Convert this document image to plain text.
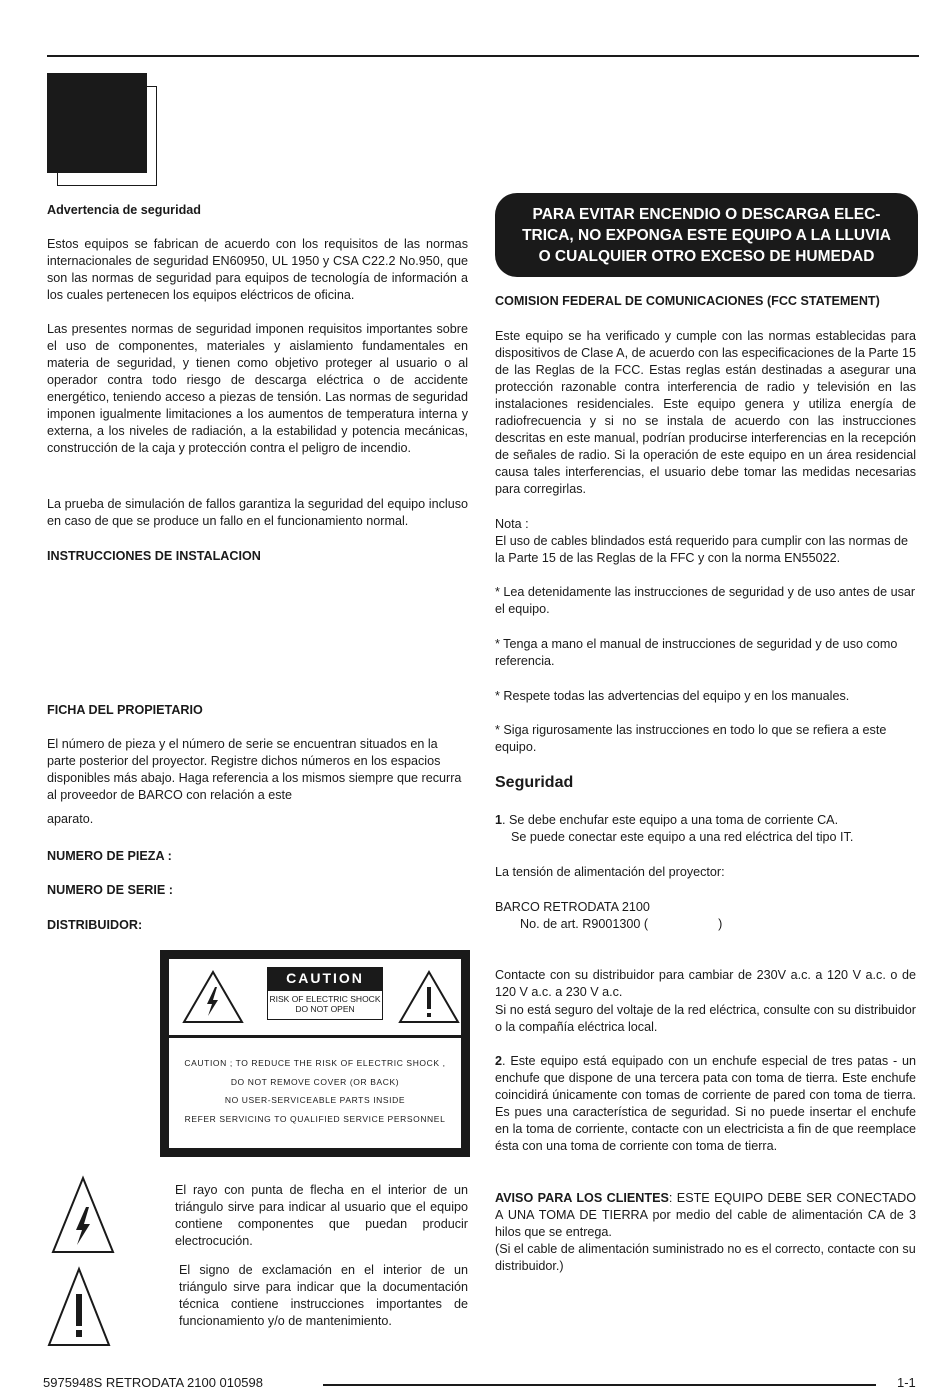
Advertencia de seguridad
Estos equipos se fabrican de acuerdo con los requisitos de las normas internacionales de seguridad EN60950, UL 1950 y CSA C22.2 No.950, que son las normas de seguridad para equipos de tecnología de información a los cuales pertenecen los equipos eléctricos de oficina.
Las presentes normas de seguridad imponen requisitos importantes sobre el uso de componentes, materiales y aislamiento fundamentales en materia de seguridad, y tienen como objetivo proteger al usuario o al operador contra todo riesgo de descarga eléctrica o de accidente energético, teniendo acceso a piezas de tensión. Las normas de seguridad imponen igualmente limitaciones a los aumentos de temperatura interna y externa, a los niveles de radiación, a la estabilidad y potencia mecánicas, construcción de la caja y protección contra el peligro de incendio.
La prueba de simulación de fallos garantiza la seguridad del equipo incluso en caso de que se produce un fallo en el funcionamiento normal.
INSTRUCCIONES DE INSTALACION
FICHA DEL PROPIETARIO
El número de pieza y el número de serie se encuentran situados en la parte posterior del proyector. Registre dichos números en los espacios disponibles más abajo. Haga referencia a los mismos siempre que recurra al proveedor de BARCO con relación a este
aparato.
NUMERO DE PIEZA :
NUMERO DE SERIE :
DISTRIBUIDOR:
CAUTION
RISK OF ELECTRIC SHOCK
DO NOT OPEN
CAUTION ; TO REDUCE THE RISK OF ELECTRIC SHOCK ,
DO NOT REMOVE COVER (OR BACK)
NO USER-SERVICEABLE PARTS INSIDE
REFER SERVICING TO QUALIFIED SERVICE PERSONNEL
El rayo con punta de flecha en el interior de un triángulo sirve para indicar al usuario que el equipo contiene componentes que puedan producir electrocución.
El signo de exclamación en el interior de un triángulo sirve para indicar que la documentación técnica contiene instrucciones importantes de funcionamiento y/o de mantenimiento.
PARA EVITAR ENCENDIO O DESCARGA ELEC-
TRICA, NO EXPONGA ESTE EQUIPO A LA LLUVIA
O CUALQUIER OTRO EXCESO DE HUMEDAD
COMISION FEDERAL DE COMUNICACIONES (FCC STATEMENT)
Este equipo se ha verificado y cumple con las normas establecidas para dispositivos de Clase A, de acuerdo con las especificaciones de la Parte 15 de las Reglas de la FCC. Estas reglas están destinadas a asegurar una protección razonable contra interferencia de radio y televisión en las instalaciones residenciales. Este equipo genera y utiliza energía de radiofrecuencia y si no se instala de acuerdo con las instrucciones descritas en este manual, podrían producirse interferencias en la recepción de señales de radio. Si la operación de este equipo en un área residencial causa tales interferencias, el usuario debe tomar las medidas necesarias para corregirlas.
Nota :
El uso de cables blindados está requerido para cumplir con las normas de la Parte 15 de las Reglas de la FFC y con la norma EN55022.
* Lea detenidamente las instrucciones de seguridad y de uso antes de usar el equipo.
* Tenga a mano el manual de instrucciones de seguridad y de uso como referencia.
* Respete todas las advertencias del equipo y en los manuales.
* Siga rigurosamente las instrucciones en todo lo que se refiera a este equipo.
Seguridad
1. Se debe enchufar este equipo a una toma de corriente CA.
Se puede conectar este equipo a una red eléctrica del tipo IT.
La tensión de alimentación del proyector:
BARCO RETRODATA 2100
No. de art. R9001300 (                    )
Contacte con su distribuidor para cambiar de 230V a.c. a 120 V a.c. o de 120 V a.c. a 230 V a.c.
Si no está seguro del voltaje de la red eléctrica, consulte con su distribuidor o la compañía eléctrica local.
2. Este equipo está equipado con un enchufe especial de tres patas - un enchufe que dispone de una tercera pata con toma de tierra. Este enchufe coincidirá únicamente con tomas de corriente de pared con toma de tierra. Es pues una característica de seguridad. Si no puede insertar el enchufe en la toma de corriente, contacte con un electricista a fin de que reemplace ésta con una toma de corriente con toma de tierra.
AVISO PARA LOS CLIENTES: ESTE EQUIPO DEBE SER CONECTADO A UNA TOMA DE TIERRA por medio del cable de alimentación CA de 3 hilos que se entrega.
(Si el cable de alimentación suministrado no es el correcto, contacte con su distribuidor.)
5975948S RETRODATA 2100 010598	1-1
